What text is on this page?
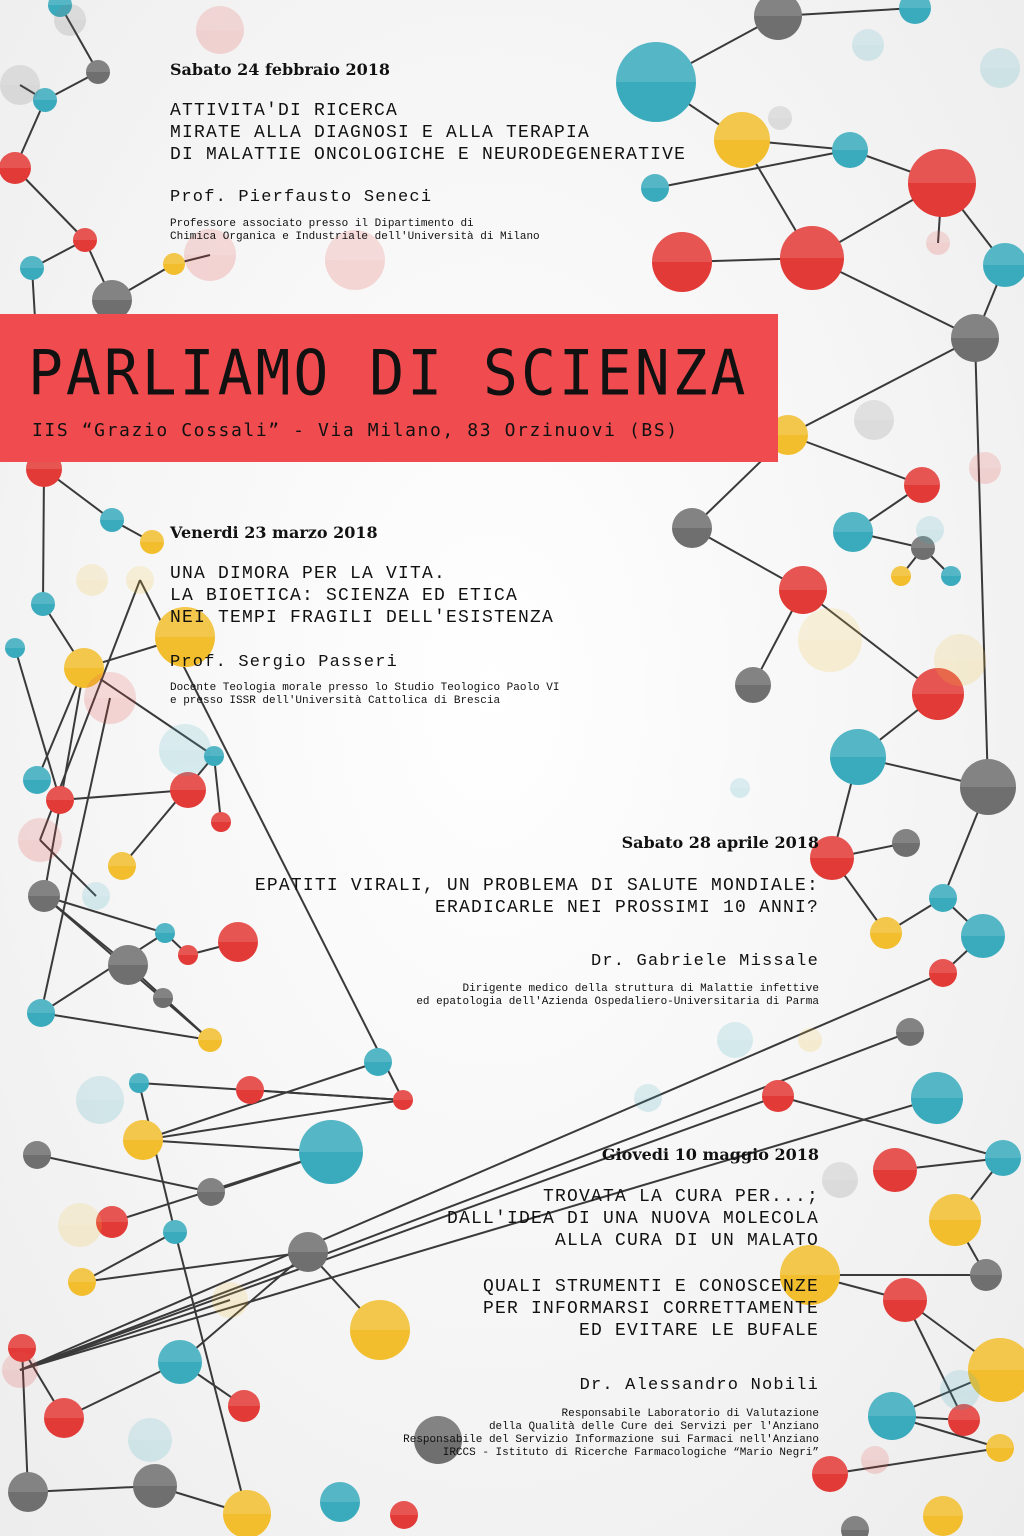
Sabato 24 febbraio 2018
ATTIVITA'DI RICERCA
MIRATE ALLA DIAGNOSI E ALLA TERAPIA
DI MALATTIE ONCOLOGICHE E NEURODEGENERATIVE
Prof. Pierfausto Seneci
Professore associato presso il Dipartimento di
Chimica Organica e Industriale dell'Università di Milano
PARLIAMO DI SCIENZA
IIS “Grazio Cossali” - Via Milano, 83 Orzinuovi (BS)
Venerdi 23 marzo 2018
UNA DIMORA PER LA VITA.
LA BIOETICA: SCIENZA ED ETICA
NEI TEMPI FRAGILI DELL'ESISTENZA
Prof. Sergio Passeri
Docente Teologia morale presso lo Studio Teologico Paolo VI
e presso ISSR dell'Università Cattolica di Brescia
Sabato 28 aprile 2018
EPATITI VIRALI, UN PROBLEMA DI SALUTE MONDIALE:
ERADICARLE NEI PROSSIMI 10 ANNI?
Dr. Gabriele Missale
Dirigente medico della struttura di Malattie infettive
ed epatologia dell'Azienda Ospedaliero-Universitaria di Parma
Giovedi 10 maggio 2018
TROVATA LA CURA PER...;
DALL'IDEA DI UNA NUOVA MOLECOLA
ALLA CURA DI UN MALATO
QUALI STRUMENTI E CONOSCENZE
PER INFORMARSI CORRETTAMENTE
ED EVITARE LE BUFALE
Dr. Alessandro Nobili
Responsabile Laboratorio di Valutazione
della Qualità delle Cure dei Servizi per l'Anziano
Responsabile del Servizio Informazione sui Farmaci nell'Anziano
IRCCS - Istituto di Ricerche Farmacologiche “Mario Negri”
